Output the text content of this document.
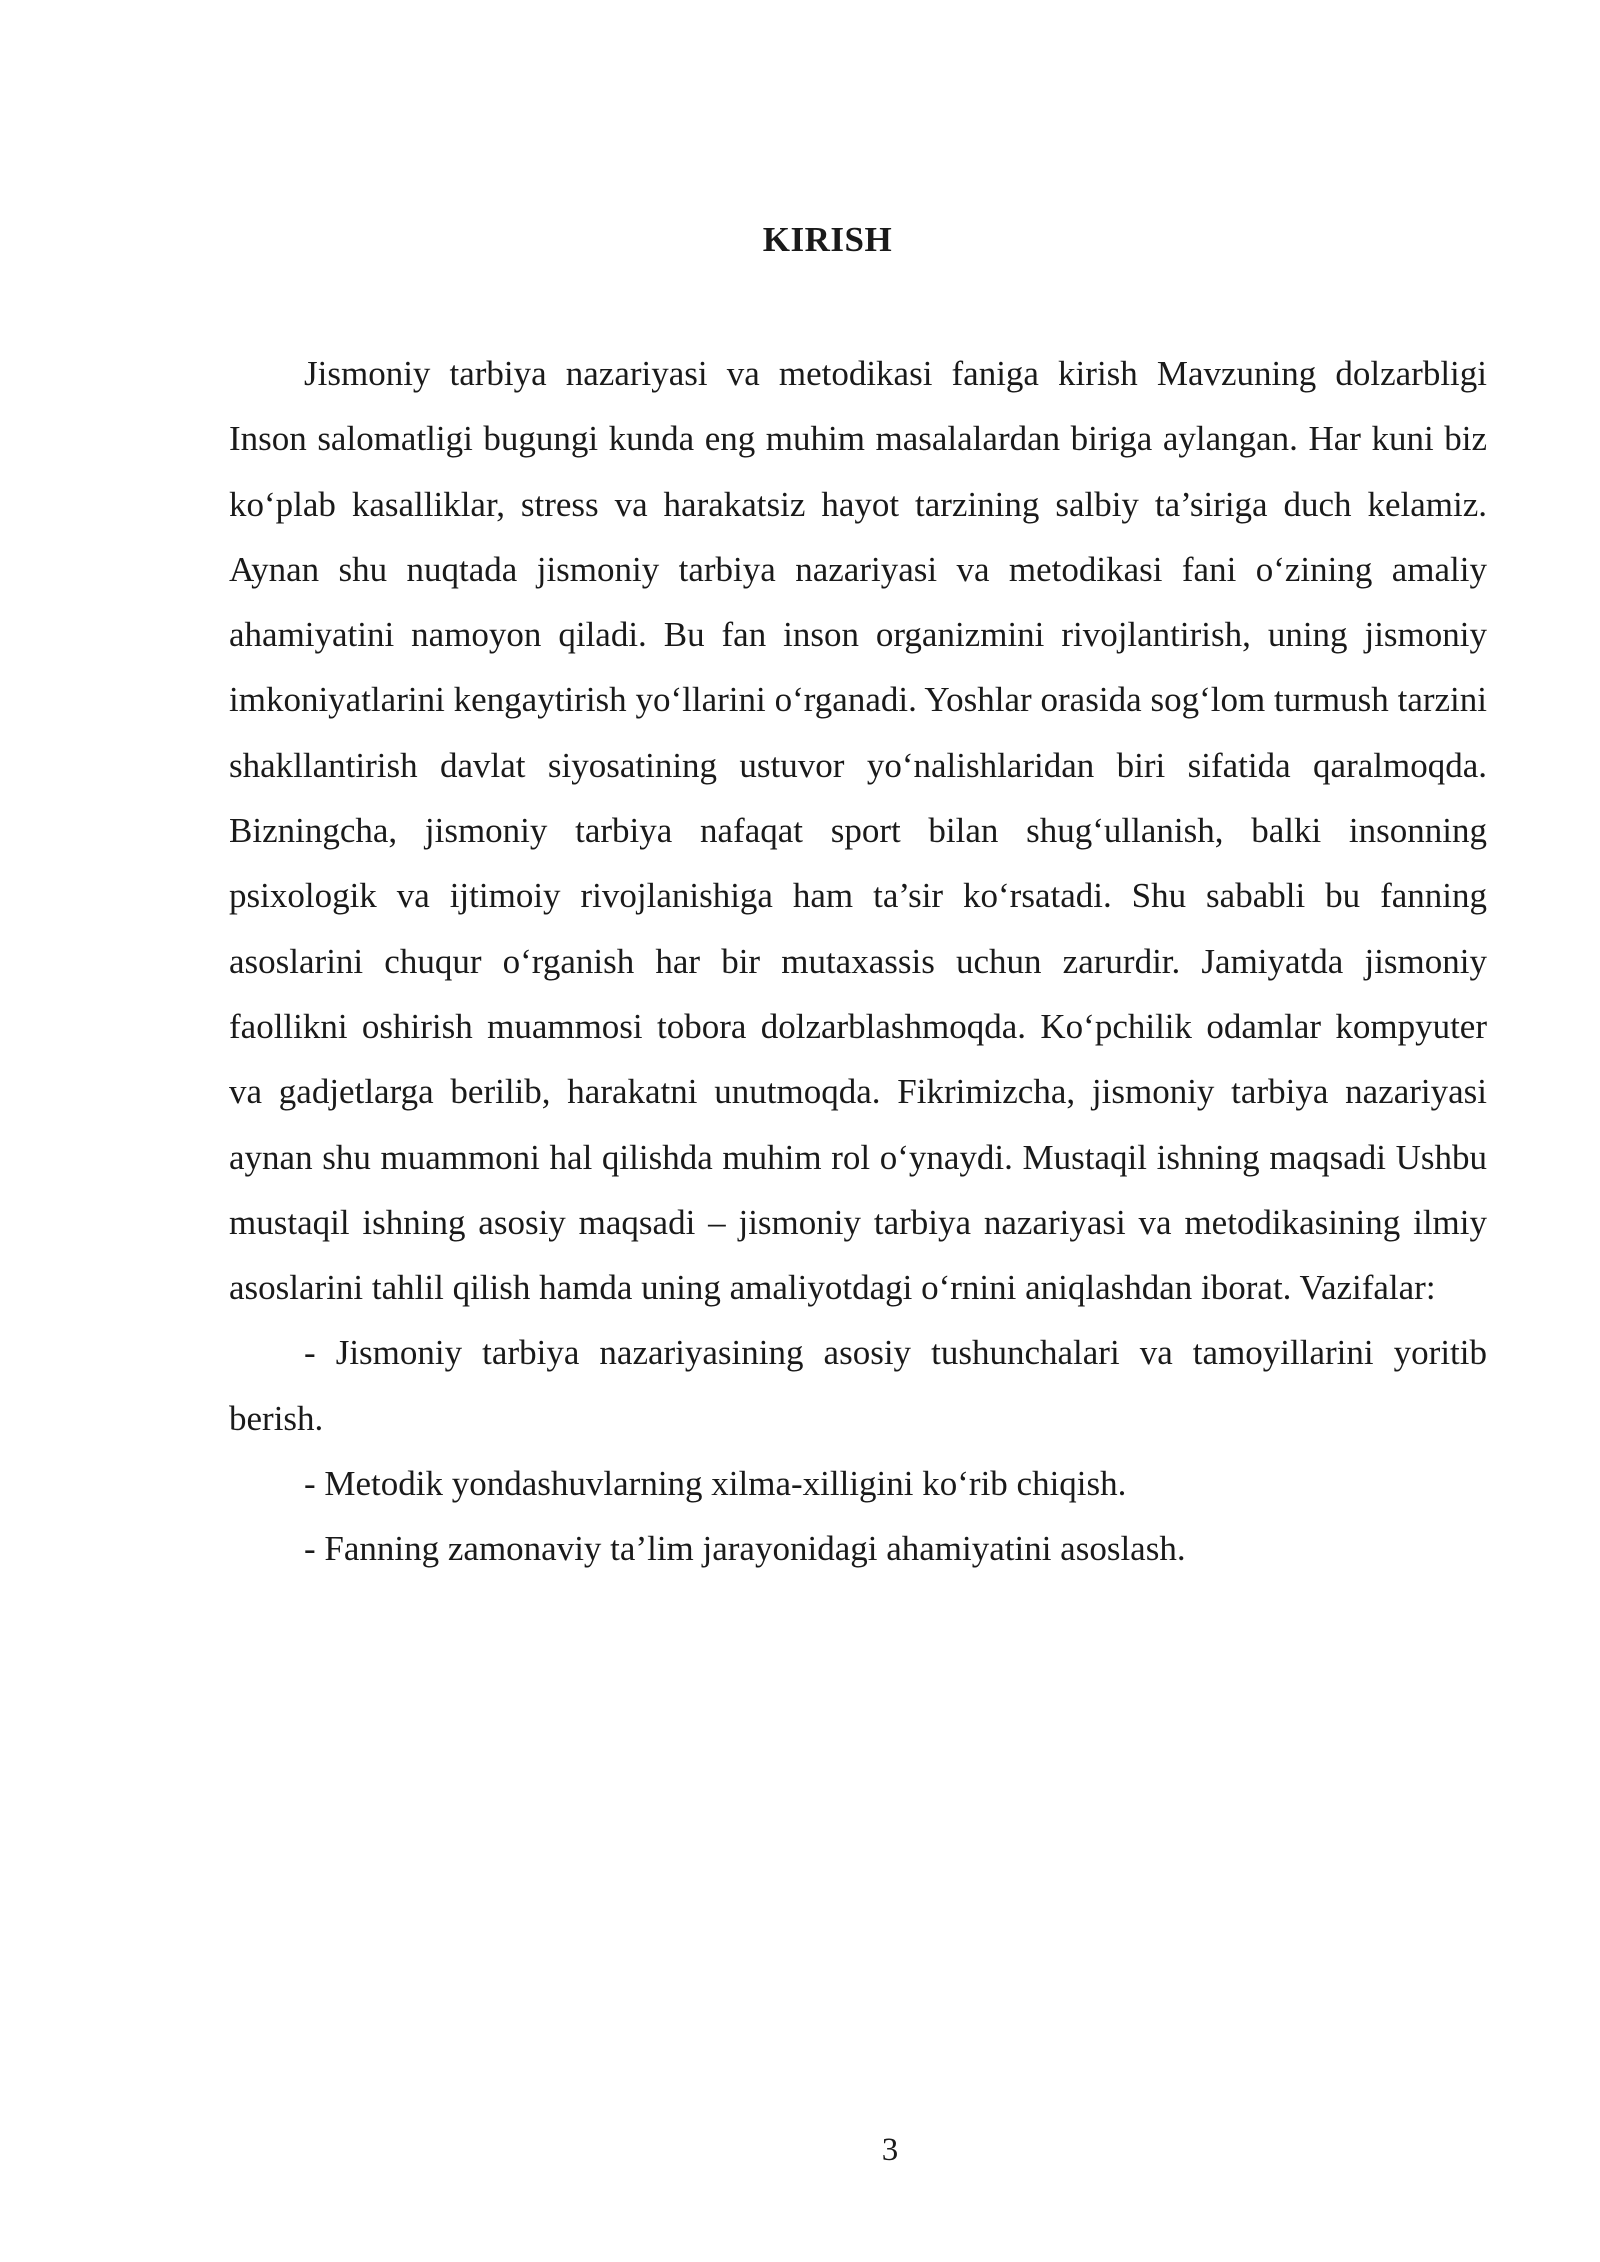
KIRISH

Jismoniy tarbiya nazariyasi va metodikasi faniga kirish Mavzuning dolzarbligi Inson salomatligi bugungi kunda eng muhim masalalardan biriga aylangan. Har kuni biz ko‘plab kasalliklar, stress va harakatsiz hayot tarzining salbiy ta’siriga duch kelamiz. Aynan shu nuqtada jismoniy tarbiya nazariyasi va metodikasi fani o‘zining amaliy ahamiyatini namoyon qiladi. Bu fan inson organizmini rivojlantirish, uning jismoniy imkoniyatlarini kengaytirish yo‘llarini o‘rganadi. Yoshlar orasida sog‘lom turmush tarzini shakllantirish davlat siyosatining ustuvor yo‘nalishlaridan biri sifatida qaralmoqda. Bizningcha, jismoniy tarbiya nafaqat sport bilan shug‘ullanish, balki insonning psixologik va ijtimoiy rivojlanishiga ham ta’sir ko‘rsatadi. Shu sababli bu fanning asoslarini chuqur o‘rganish har bir mutaxassis uchun zarurdir. Jamiyatda jismoniy faollikni oshirish muammosi tobora dolzarblashmoqda. Ko‘pchilik odamlar kompyuter va gadjetlarga berilib, harakatni unutmoqda. Fikrimizcha, jismoniy tarbiya nazariyasi aynan shu muammoni hal qilishda muhim rol o‘ynaydi. Mustaqil ishning maqsadi Ushbu mustaqil ishning asosiy maqsadi – jismoniy tarbiya nazariyasi va metodikasining ilmiy asoslarini tahlil qilish hamda uning amaliyotdagi o‘rnini aniqlashdan iborat. Vazifalar:

- Jismoniy tarbiya nazariyasining asosiy tushunchalari va tamoyillarini yoritib berish.

- Metodik yondashuvlarning xilma-xilligini ko‘rib chiqish.

- Fanning zamonaviy ta’lim jarayonidagi ahamiyatini asoslash.

3
